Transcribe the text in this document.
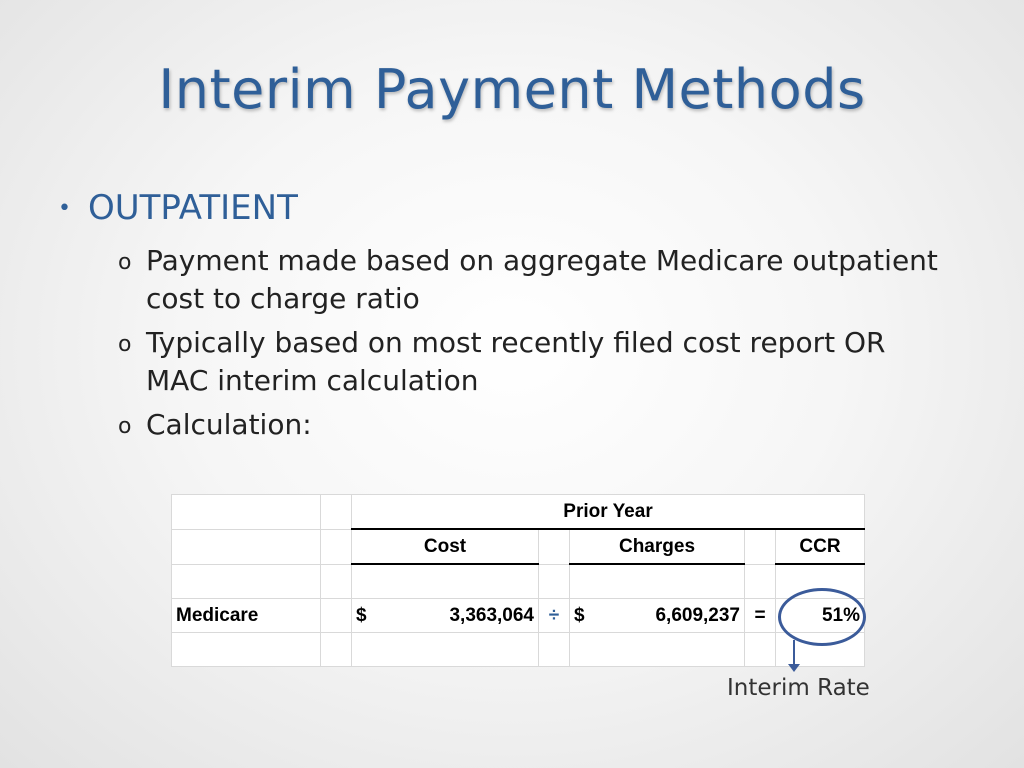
Interim Payment Methods
• OUTPATIENT
o Payment made based on aggregate Medicare outpatient cost to charge ratio
o Typically based on most recently filed cost report OR MAC interim calculation
o Calculation:
		Prior Year				
		Cost		Charges		CCR

Medicare		$ 3,363,064	÷	$ 6,609,237	=	51%

Interim Rate
